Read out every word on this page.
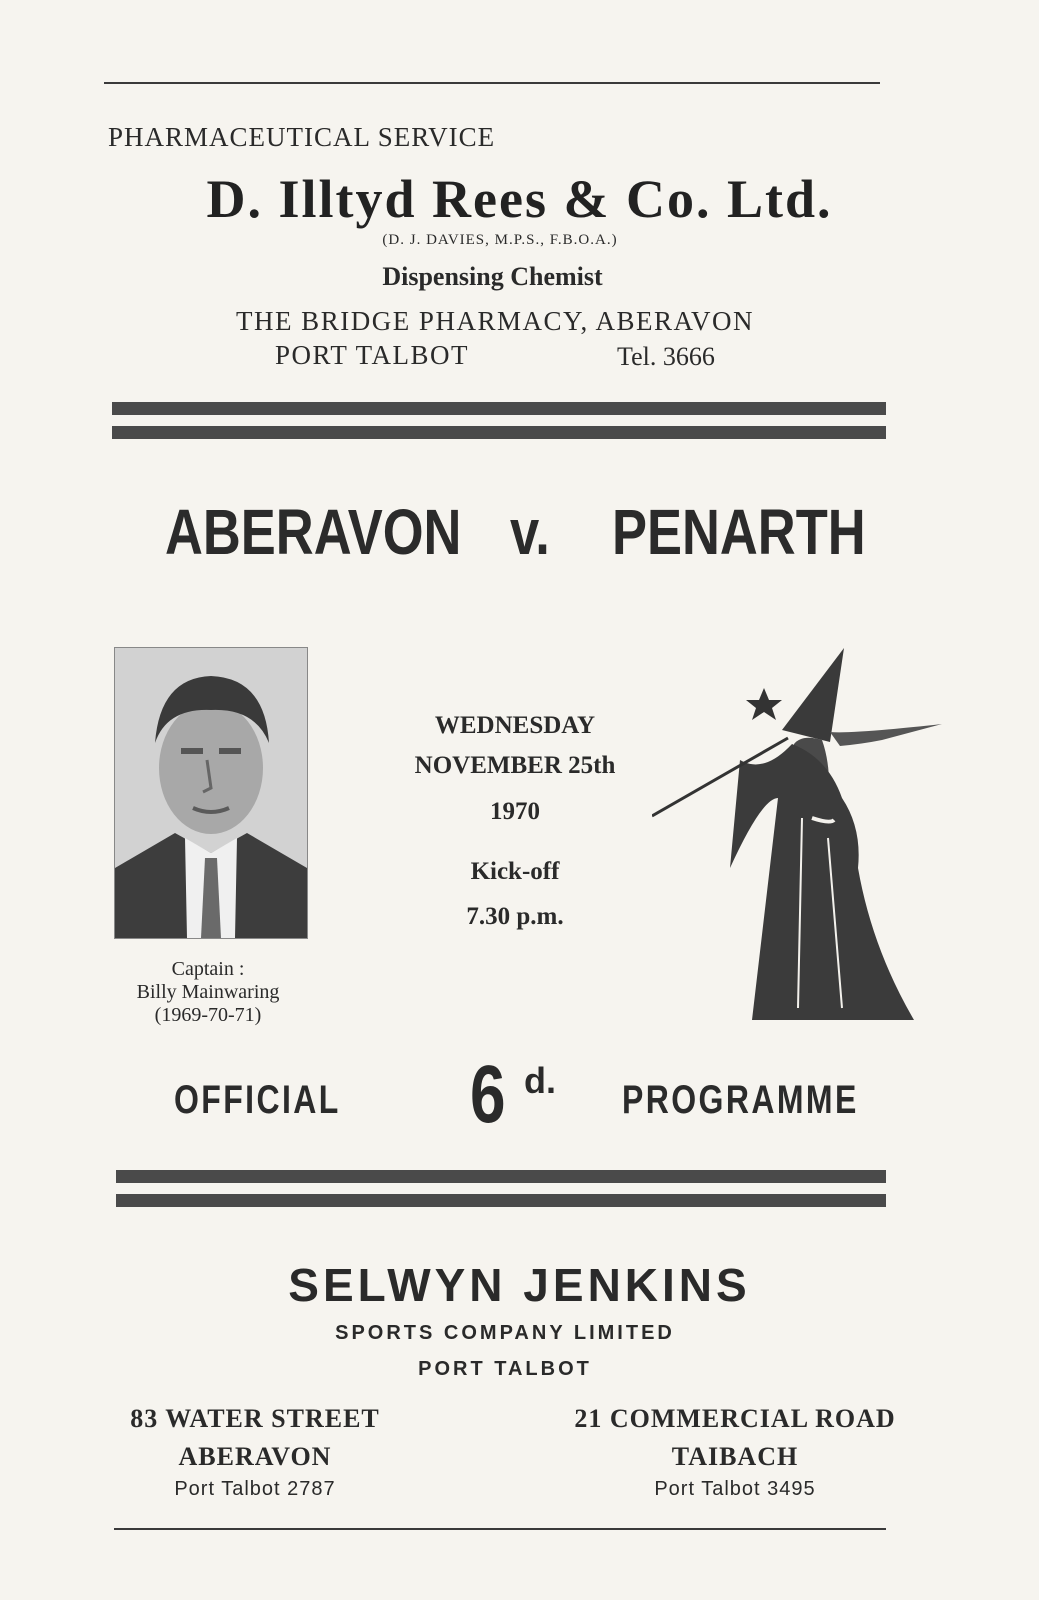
PHARMACEUTICAL SERVICE
D. Illtyd Rees & Co. Ltd.
(D. J. DAVIES, M.P.S., F.B.O.A.)
Dispensing Chemist
THE BRIDGE PHARMACY, ABERAVON
PORT TALBOT	Tel. 3666
ABERAVON v. PENARTH
Captain :
Billy Mainwaring
(1969-70-71)
WEDNESDAY
NOVEMBER 25th
1970
Kick-off
7.30 p.m.
OFFICIAL 6 d. PROGRAMME
SELWYN JENKINS
SPORTS COMPANY LIMITED
PORT TALBOT
83 WATER STREET
ABERAVON
Port Talbot 2787
21 COMMERCIAL ROAD
TAIBACH
Port Talbot 3495
